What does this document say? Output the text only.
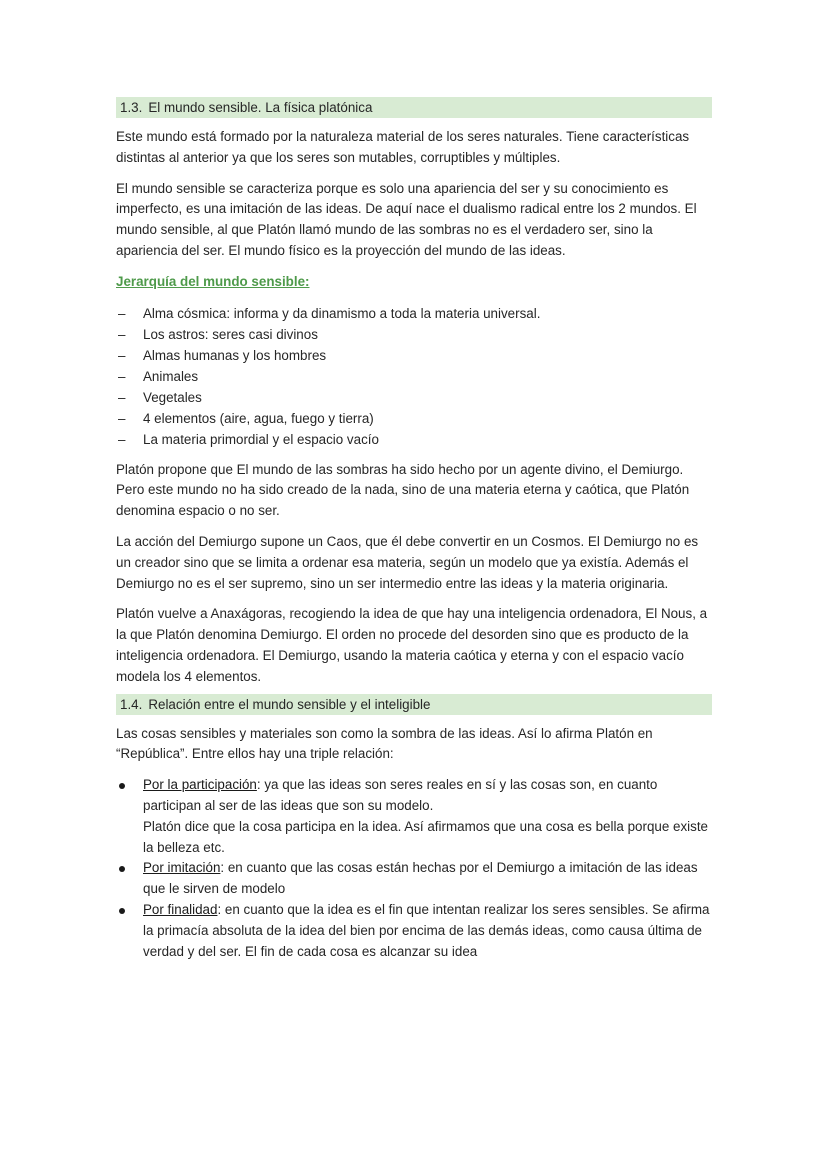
1.3. El mundo sensible. La física platónica

Este mundo está formado por la naturaleza material de los seres naturales. Tiene características distintas al anterior ya que los seres son mutables, corruptibles y múltiples.

El mundo sensible se caracteriza porque es solo una apariencia del ser y su conocimiento es imperfecto, es una imitación de las ideas. De aquí nace el dualismo radical entre los 2 mundos. El mundo sensible, al que Platón llamó mundo de las sombras no es el verdadero ser, sino la apariencia del ser. El mundo físico es la proyección del mundo de las ideas.

Jerarquía del mundo sensible:

– Alma cósmica: informa y da dinamismo a toda la materia universal.
– Los astros: seres casi divinos
– Almas humanas y los hombres
– Animales
– Vegetales
– 4 elementos (aire, agua, fuego y tierra)
– La materia primordial y el espacio vacío

Platón propone que El mundo de las sombras ha sido hecho por un agente divino, el Demiurgo. Pero este mundo no ha sido creado de la nada, sino de una materia eterna y caótica, que Platón denomina espacio o no ser.

La acción del Demiurgo supone un Caos, que él debe convertir en un Cosmos. El Demiurgo no es un creador sino que se limita a ordenar esa materia, según un modelo que ya existía. Además el Demiurgo no es el ser supremo, sino un ser intermedio entre las ideas y la materia originaria.

Platón vuelve a Anaxágoras, recogiendo la idea de que hay una inteligencia ordenadora, El Nous, a la que Platón denomina Demiurgo. El orden no procede del desorden sino que es producto de la inteligencia ordenadora. El Demiurgo, usando la materia caótica y eterna y con el espacio vacío modela los 4 elementos.

1.4. Relación entre el mundo sensible y el inteligible

Las cosas sensibles y materiales son como la sombra de las ideas. Así lo afirma Platón en “República”. Entre ellos hay una triple relación:

Por la participación: ya que las ideas son seres reales en sí y las cosas son, en cuanto participan al ser de las ideas que son su modelo.
Platón dice que la cosa participa en la idea. Así afirmamos que una cosa es bella porque existe la belleza etc.
Por imitación: en cuanto que las cosas están hechas por el Demiurgo a imitación de las ideas que le sirven de modelo
Por finalidad: en cuanto que la idea es el fin que intentan realizar los seres sensibles. Se afirma la primacía absoluta de la idea del bien por encima de las demás ideas, como causa última de verdad y del ser. El fin de cada cosa es alcanzar su idea
